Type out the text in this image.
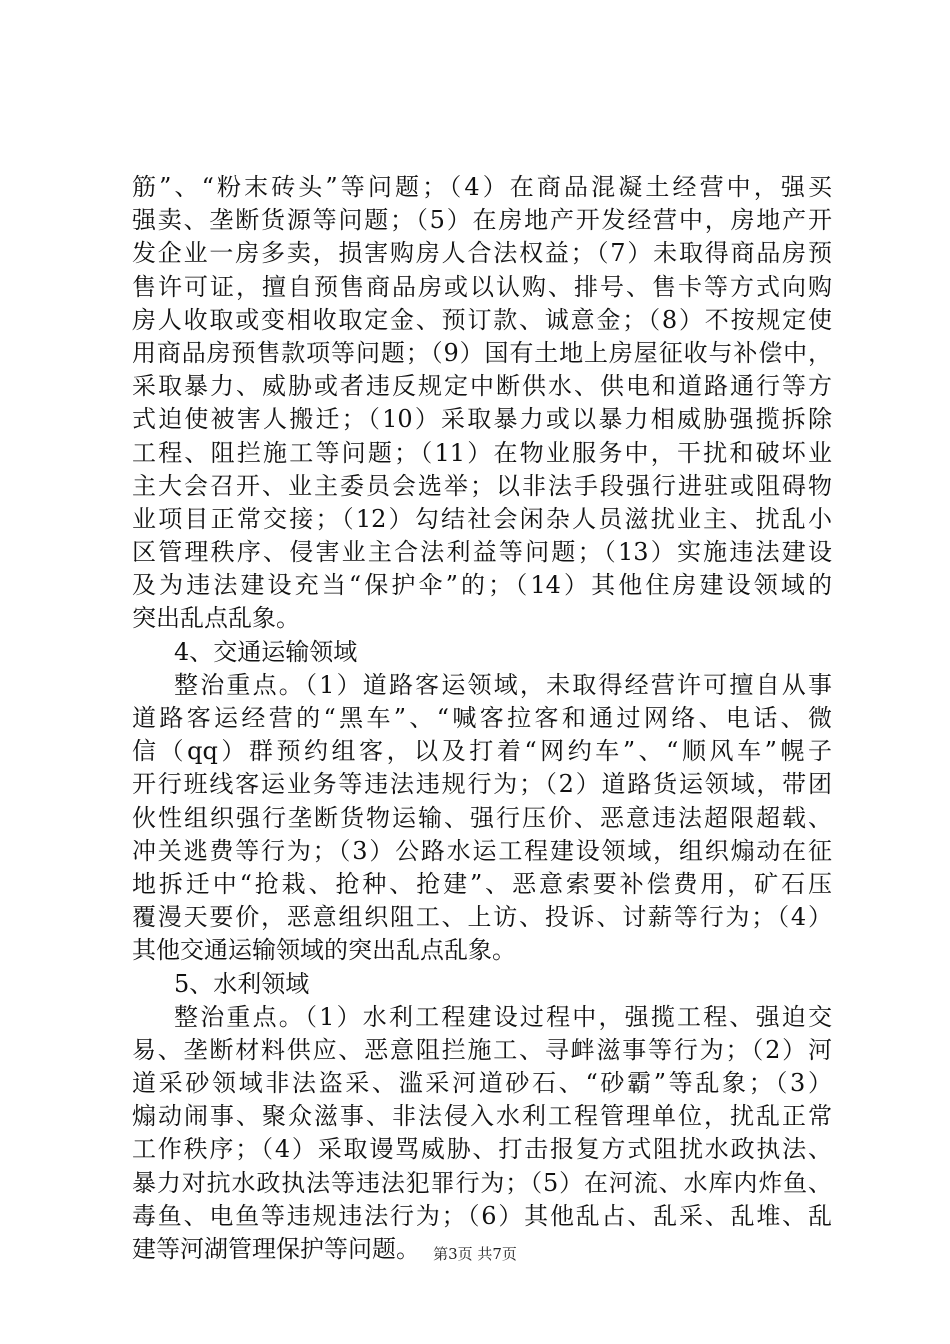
筋”、“粉末砖头”等问题；（4）在商品混凝土经营中，强买
强卖、垄断货源等问题；（5）在房地产开发经营中，房地产开
发企业一房多卖，损害购房人合法权益；（7）未取得商品房预
售许可证，擅自预售商品房或以认购、排号、售卡等方式向购
房人收取或变相收取定金、预订款、诚意金；（8）不按规定使
用商品房预售款项等问题；（9）国有土地上房屋征收与补偿中，
采取暴力、威胁或者违反规定中断供水、供电和道路通行等方
式迫使被害人搬迁；（10）采取暴力或以暴力相威胁强揽拆除
工程、阻拦施工等问题；（11）在物业服务中，干扰和破坏业
主大会召开、业主委员会选举；以非法手段强行进驻或阻碍物
业项目正常交接；（12）勾结社会闲杂人员滋扰业主、扰乱小
区管理秩序、侵害业主合法利益等问题；（13）实施违法建设
及为违法建设充当“保护伞”的；（14）其他住房建设领域的
突出乱点乱象。
4、交通运输领域
整治重点。（1）道路客运领域，未取得经营许可擅自从事
道路客运经营的“黑车”、“喊客拉客和通过网络、电话、微
信（qq）群预约组客，以及打着“网约车”、“顺风车”幌子
开行班线客运业务等违法违规行为；（2）道路货运领域，带团
伙性组织强行垄断货物运输、强行压价、恶意违法超限超载、
冲关逃费等行为；（3）公路水运工程建设领域，组织煽动在征
地拆迁中“抢栽、抢种、抢建”、恶意索要补偿费用，矿石压
覆漫天要价，恶意组织阻工、上访、投诉、讨薪等行为；（4）
其他交通运输领域的突出乱点乱象。
5、水利领域
整治重点。（1）水利工程建设过程中，强揽工程、强迫交
易、垄断材料供应、恶意阻拦施工、寻衅滋事等行为；（2）河
道采砂领域非法盗采、滥采河道砂石、“砂霸”等乱象；（3）
煽动闹事、聚众滋事、非法侵入水利工程管理单位，扰乱正常
工作秩序；（4）采取谩骂威胁、打击报复方式阻扰水政执法、
暴力对抗水政执法等违法犯罪行为；（5）在河流、水库内炸鱼、
毒鱼、电鱼等违规违法行为；（6）其他乱占、乱采、乱堆、乱
建等河湖管理保护等问题。 第3页 共7页
